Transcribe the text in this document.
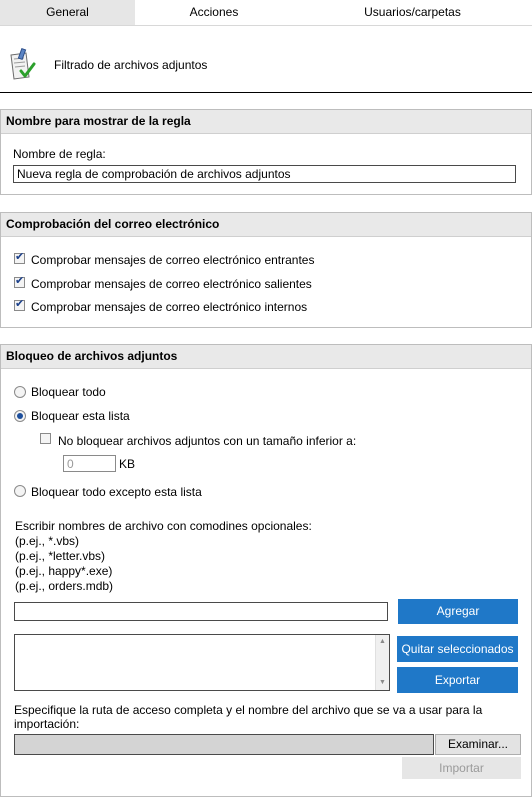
General	Acciones	Usuarios/carpetas
Filtrado de archivos adjuntos
Nombre para mostrar de la regla
Nombre de regla:
Nueva regla de comprobación de archivos adjuntos
Comprobación del correo electrónico
✔ Comprobar mensajes de correo electrónico entrantes
✔ Comprobar mensajes de correo electrónico salientes
✔ Comprobar mensajes de correo electrónico internos
Bloqueo de archivos adjuntos
Bloquear todo
Bloquear esta lista
No bloquear archivos adjuntos con un tamaño inferior a:
0	KB
Bloquear todo excepto esta lista
Escribir nombres de archivo con comodines opcionales:
(p.ej., *.vbs)
(p.ej., *letter.vbs)
(p.ej., happy*.exe)
(p.ej., orders.mdb)
Agregar
▲
▼
Quitar seleccionados
Exportar
Especifique la ruta de acceso completa y el nombre del archivo que se va a usar para la importación:
Examinar...
Importar
